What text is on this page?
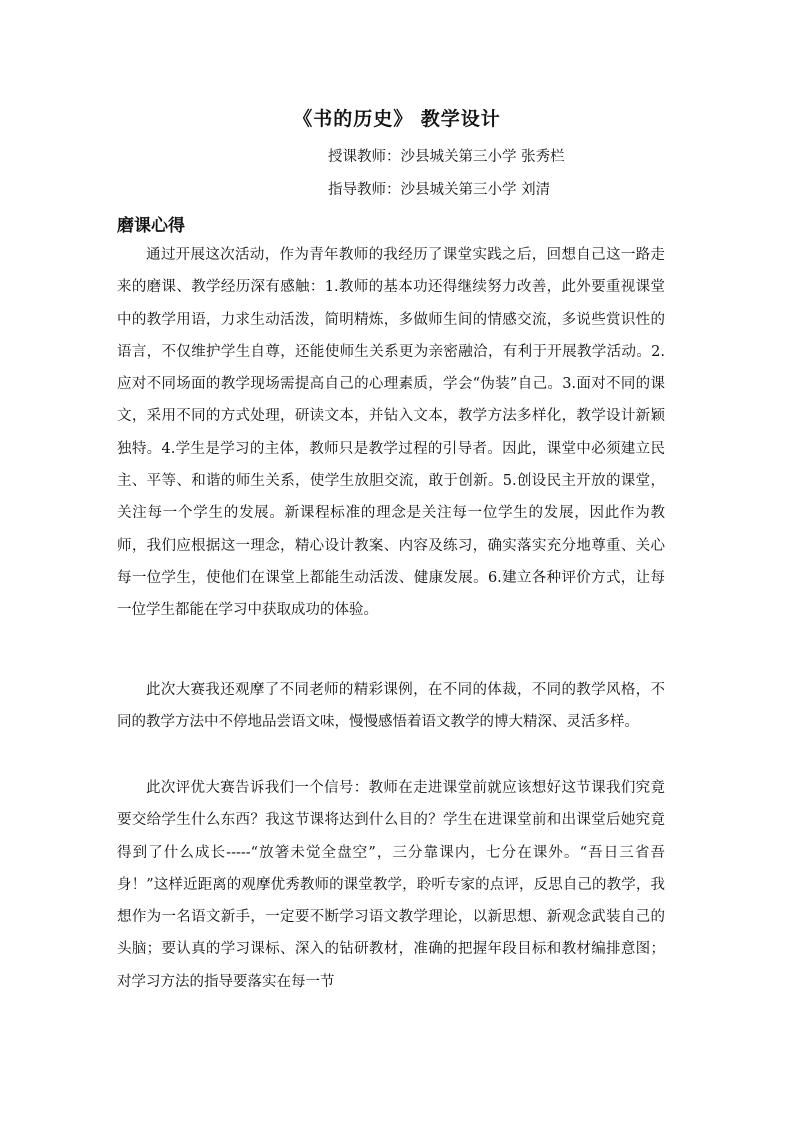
《书的历史》 教学设计
授课教师：沙县城关第三小学 张秀栏
指导教师：沙县城关第三小学 刘清
磨课心得

通过开展这次活动，作为青年教师的我经历了课堂实践之后，回想自己这一路走来的磨课、教学经历深有感触：1.教师的基本功还得继续努力改善，此外要重视课堂中的教学用语，力求生动活泼，简明精炼，多做师生间的情感交流，多说些赏识性的语言，不仅维护学生自尊，还能使师生关系更为亲密融洽，有利于开展教学活动。2.应对不同场面的教学现场需提高自己的心理素质，学会“伪装”自己。3.面对不同的课文，采用不同的方式处理，研读文本，并钻入文本，教学方法多样化，教学设计新颖独特。4.学生是学习的主体，教师只是教学过程的引导者。因此，课堂中必须建立民主、平等、和谐的师生关系，使学生放胆交流，敢于创新。5.创设民主开放的课堂，关注每一个学生的发展。新课程标准的理念是关注每一位学生的发展，因此作为教师，我们应根据这一理念，精心设计教案、内容及练习，确实落实充分地尊重、关心每一位学生，使他们在课堂上都能生动活泼、健康发展。6.建立各种评价方式，让每一位学生都能在学习中获取成功的体验。

此次大赛我还观摩了不同老师的精彩课例，在不同的体裁，不同的教学风格，不同的教学方法中不停地品尝语文味，慢慢感悟着语文教学的博大精深、灵活多样。

此次评优大赛告诉我们一个信号：教师在走进课堂前就应该想好这节课我们究竟要交给学生什么东西？我这节课将达到什么目的？学生在进课堂前和出课堂后她究竟得到了什么成长-----“放箸未觉全盘空”，三分靠课内，七分在课外。“吾日三省吾身！”这样近距离的观摩优秀教师的课堂教学，聆听专家的点评，反思自己的教学，我想作为一名语文新手，一定要不断学习语文教学理论，以新思想、新观念武装自己的头脑；要认真的学习课标、深入的钻研教材，准确的把握年段目标和教材编排意图；对学习方法的指导要落实在每一节
